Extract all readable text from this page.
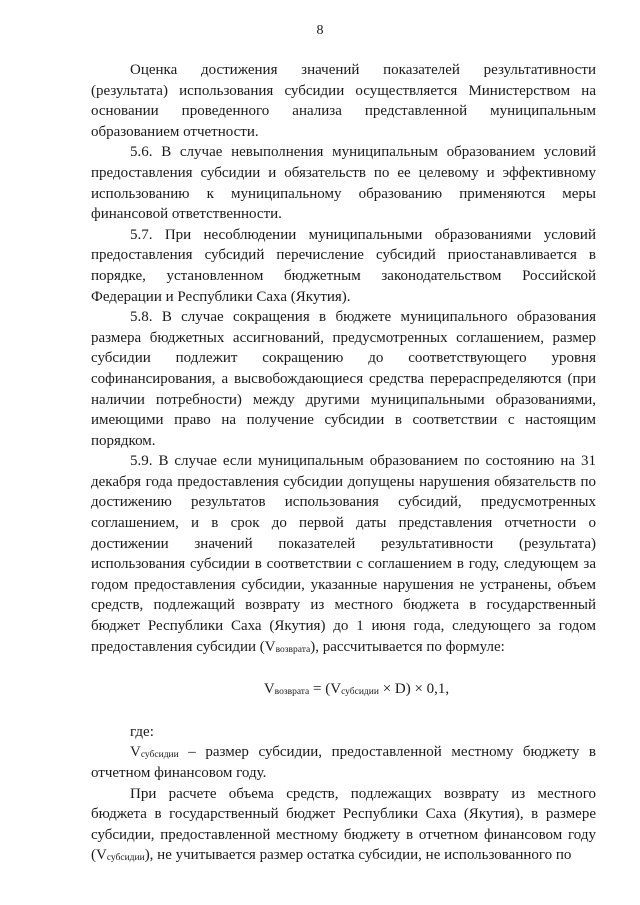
8

Оценка достижения значений показателей результативности (результата) использования субсидии осуществляется Министерством на основании проведенного анализа представленной муниципальным образованием отчетности.

5.6. В случае невыполнения муниципальным образованием условий предоставления субсидии и обязательств по ее целевому и эффективному использованию к муниципальному образованию применяются меры финансовой ответственности.

5.7. При несоблюдении муниципальными образованиями условий предоставления субсидий перечисление субсидий приостанавливается в порядке, установленном бюджетным законодательством Российской Федерации и Республики Саха (Якутия).

5.8. В случае сокращения в бюджете муниципального образования размера бюджетных ассигнований, предусмотренных соглашением, размер субсидии подлежит сокращению до соответствующего уровня софинансирования, а высвобождающиеся средства перераспределяются (при наличии потребности) между другими муниципальными образованиями, имеющими право на получение субсидии в соответствии с настоящим порядком.

5.9. В случае если муниципальным образованием по состоянию на 31 декабря года предоставления субсидии допущены нарушения обязательств по достижению результатов использования субсидий, предусмотренных соглашением, и в срок до первой даты представления отчетности о достижении значений показателей результативности (результата) использования субсидии в соответствии с соглашением в году, следующем за годом предоставления субсидии, указанные нарушения не устранены, объем средств, подлежащий возврату из местного бюджета в государственный бюджет Республики Саха (Якутия) до 1 июня года, следующего за годом предоставления субсидии $(V_{возврата})$, рассчитывается по формуле:

$V_{возврата} = (V_{субсидии} \times D) \times 0,1$,

где:

$V_{субсидии}$ – размер субсидии, предоставленной местному бюджету в отчетном финансовом году.

При расчете объема средств, подлежащих возврату из местного бюджета в государственный бюджет Республики Саха (Якутия), в размере субсидии, предоставленной местному бюджету в отчетном финансовом году $(V_{субсидии})$, не учитывается размер остатка субсидии, не использованного по
